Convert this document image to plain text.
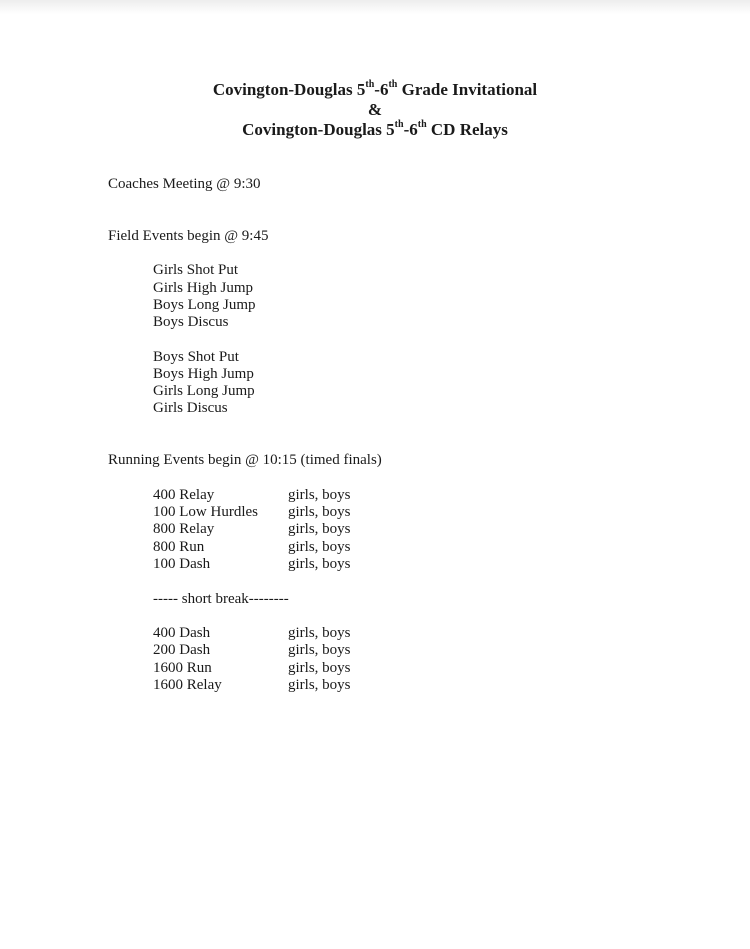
Covington-Douglas 5th-6th Grade Invitational
&
Covington-Douglas 5th-6th CD Relays
Coaches Meeting @ 9:30
Field Events begin @ 9:45
Girls Shot Put
Girls High Jump
Boys Long Jump
Boys Discus
Boys Shot Put
Boys High Jump
Girls Long Jump
Girls Discus
Running Events begin @ 10:15 (timed finals)
400 Relay	girls, boys
100 Low Hurdles girls, boys
800 Relay	girls, boys
800 Run	girls, boys
100 Dash	girls, boys
----- short break--------
400 Dash	girls, boys
200 Dash	girls, boys
1600 Run	girls, boys
1600 Relay	girls, boys
